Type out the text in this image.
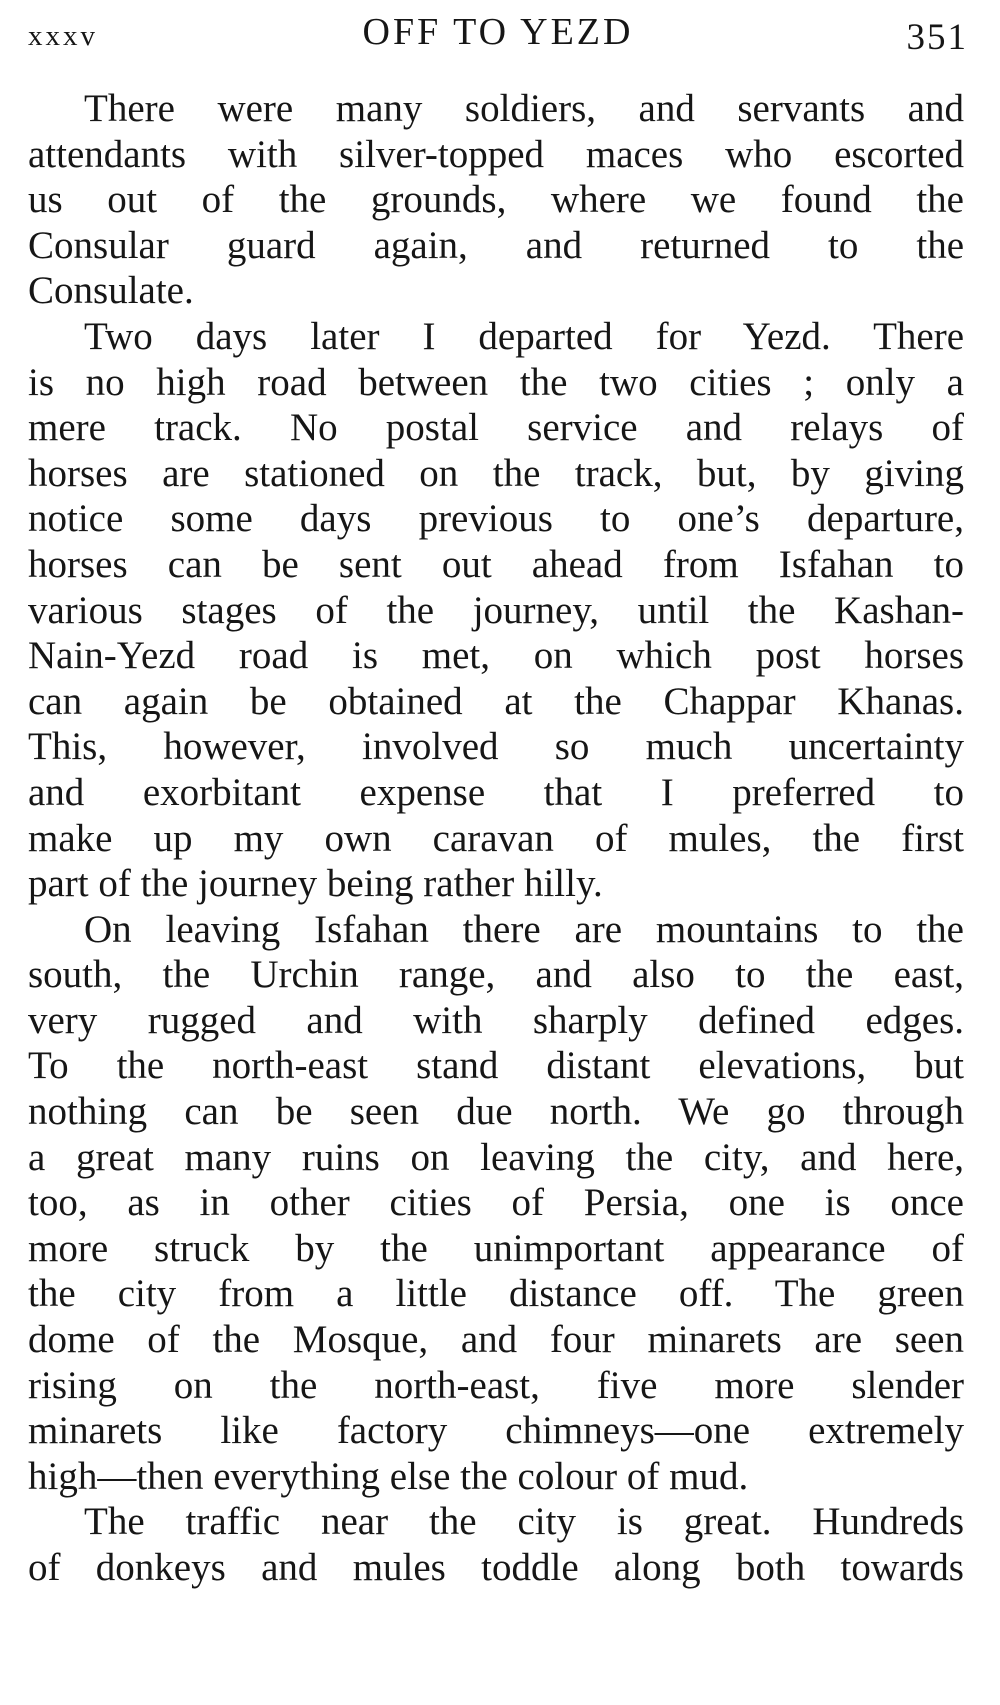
xxxv	OFF TO YEZD	351
There were many soldiers, and servants and
attendants with silver-topped maces who escorted
us out of the grounds, where we found the
Consular guard again, and returned to the
Consulate.
Two days later I departed for Yezd. There
is no high road between the two cities ; only a
mere track. No postal service and relays of
horses are stationed on the track, but, by giving
notice some days previous to one’s departure,
horses can be sent out ahead from Isfahan to
various stages of the journey, until the Kashan-
Nain-Yezd road is met, on which post horses
can again be obtained at the Chappar Khanas.
This, however, involved so much uncertainty
and exorbitant expense that I preferred to
make up my own caravan of mules, the first
part of the journey being rather hilly.
On leaving Isfahan there are mountains to the
south, the Urchin range, and also to the east,
very rugged and with sharply defined edges.
To the north-east stand distant elevations, but
nothing can be seen due north. We go through
a great many ruins on leaving the city, and here,
too, as in other cities of Persia, one is once
more struck by the unimportant appearance of
the city from a little distance off. The green
dome of the Mosque, and four minarets are seen
rising on the north-east, five more slender
minarets like factory chimneys—one extremely
high—then everything else the colour of mud.
The traffic near the city is great. Hundreds
of donkeys and mules toddle along both towards
